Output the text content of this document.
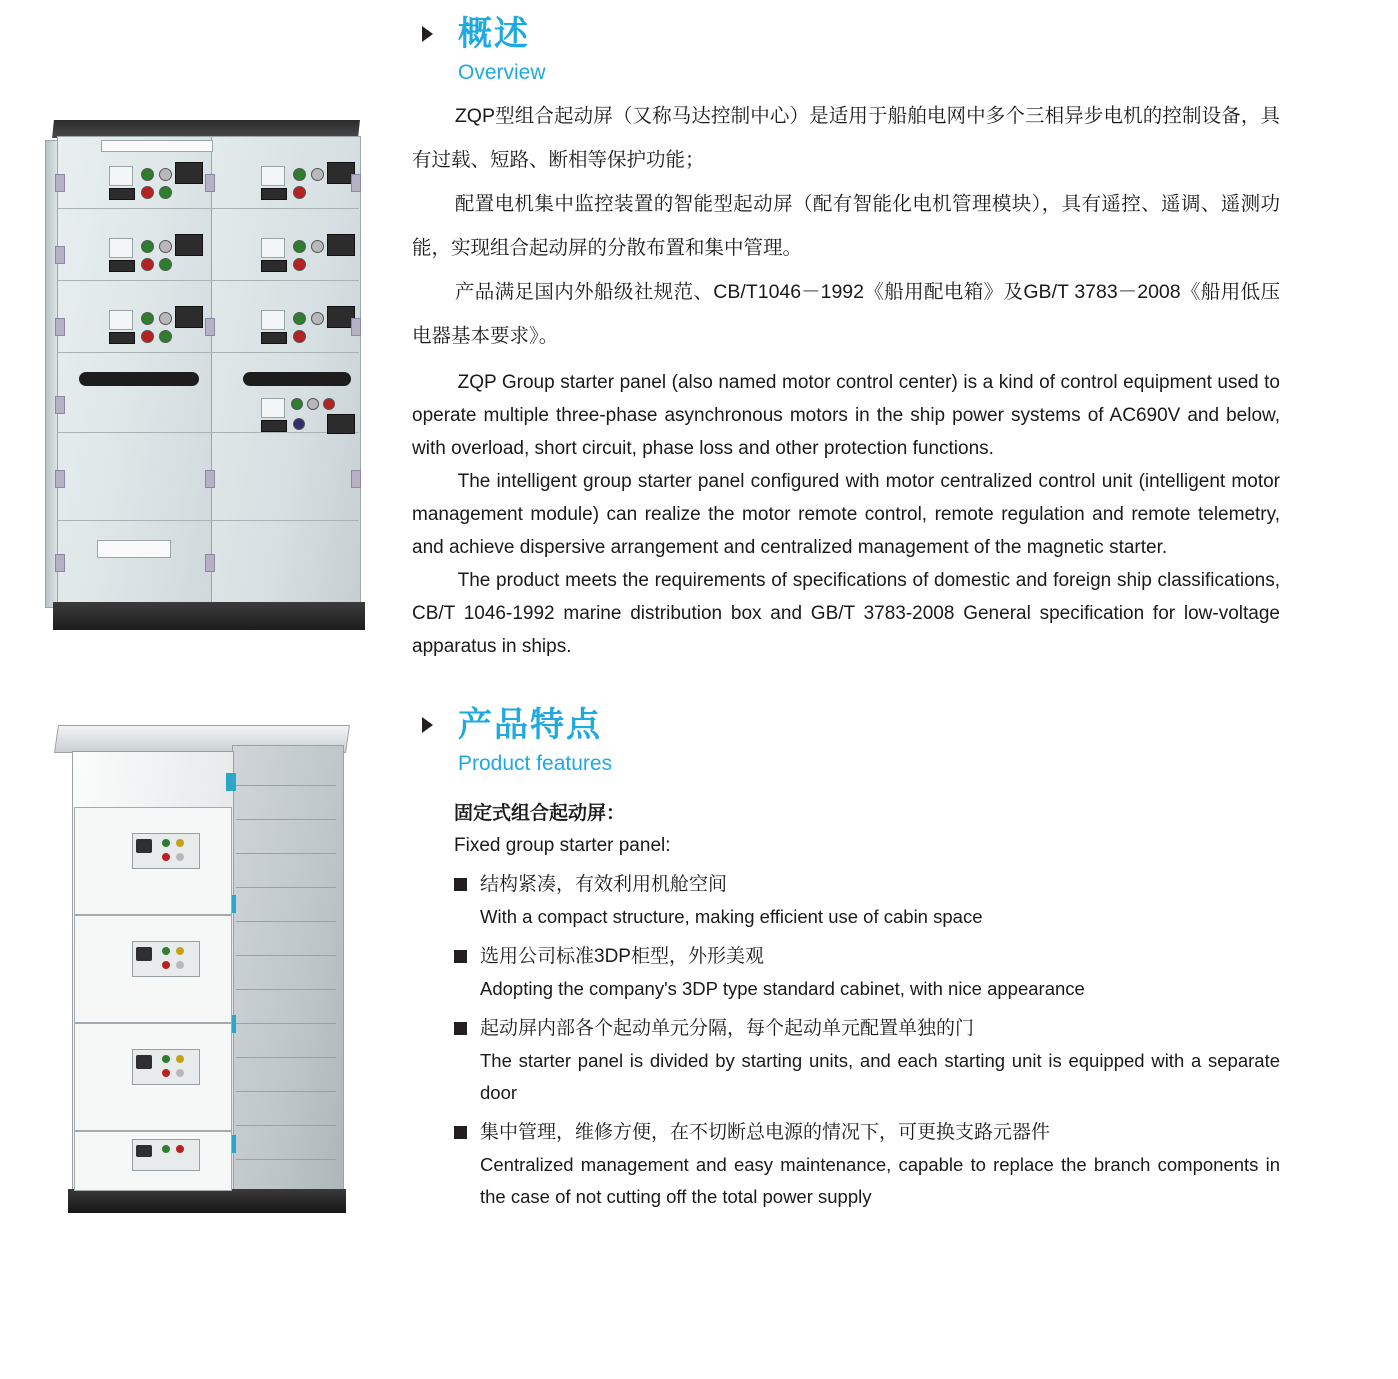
概述
Overview

ZQP型组合起动屏（又称马达控制中心）是适用于船舶电网中多个三相异步电机的控制设备，具有过载、短路、断相等保护功能；

配置电机集中监控装置的智能型起动屏（配有智能化电机管理模块），具有遥控、遥调、遥测功能，实现组合起动屏的分散布置和集中管理。

产品满足国内外船级社规范、CB/T1046－1992《船用配电箱》及GB/T 3783－2008《船用低压电器基本要求》。

ZQP Group starter panel (also named motor control center) is a kind of control equipment used to operate multiple three-phase asynchronous motors in the ship power systems of AC690V and below, with overload, short circuit, phase loss and other protection functions.

The intelligent group starter panel configured with motor centralized control unit (intelligent motor management module) can realize the motor remote control, remote regulation and remote telemetry, and achieve dispersive arrangement and centralized management of the magnetic starter.

The product meets the requirements of specifications of domestic and foreign ship classifications, CB/T 1046-1992 marine distribution box and GB/T 3783-2008 General specification for low-voltage apparatus in ships.

产品特点
Product features
固定式组合起动屏：
Fixed group starter panel:
结构紧凑，有效利用机舱空间
With a compact structure, making efficient use of cabin space
选用公司标准3DP柜型，外形美观
Adopting the company's 3DP type standard cabinet, with nice appearance
起动屏内部各个起动单元分隔，每个起动单元配置单独的门
The starter panel is divided by starting units, and each starting unit is equipped with a separate door
集中管理，维修方便，在不切断总电源的情况下，可更换支路元器件
Centralized management and easy maintenance, capable to replace the branch components in the case of not cutting off the total power supply
